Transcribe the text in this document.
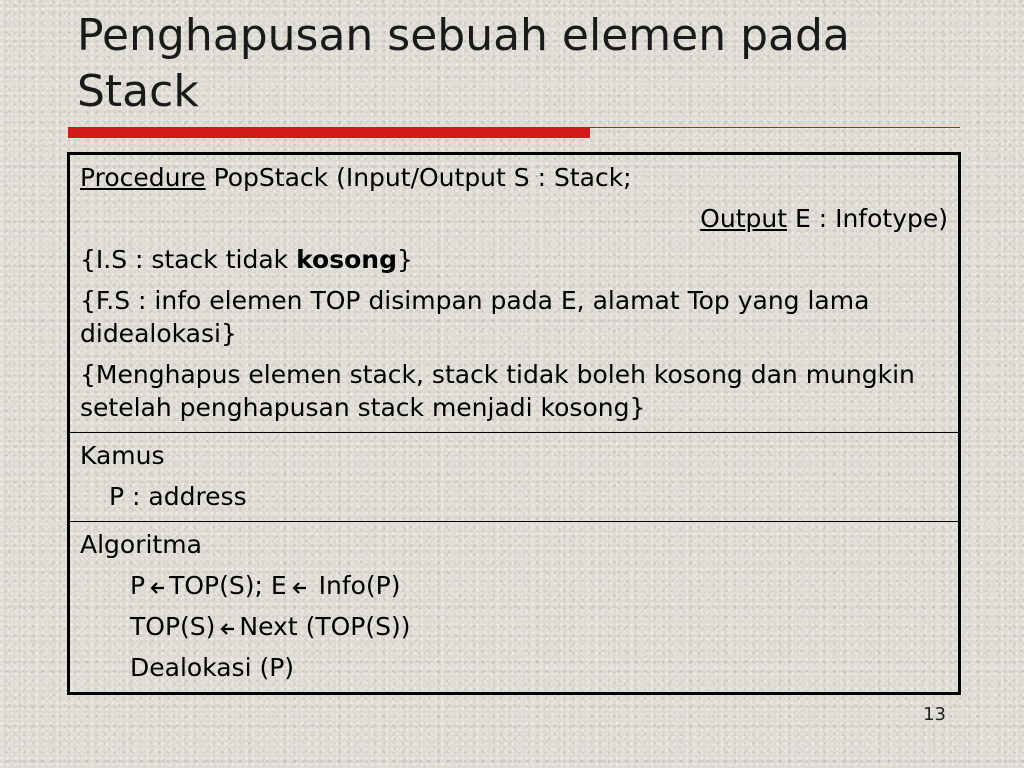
Penghapusan sebuah elemen pada Stack

Procedure PopStack (Input/Output S : Stack;

Output E : Infotype)

{I.S : stack tidak kosong}

{F.S : info elemen TOP disimpan pada E, alamat Top yang lama didealokasi}

{Menghapus elemen stack, stack tidak boleh kosong dan mungkin setelah penghapusan stack menjadi kosong}

Kamus

P : address

Algoritma

P TOP(S); E Info(P)

TOP(S) Next (TOP(S))

Dealokasi (P)

13
